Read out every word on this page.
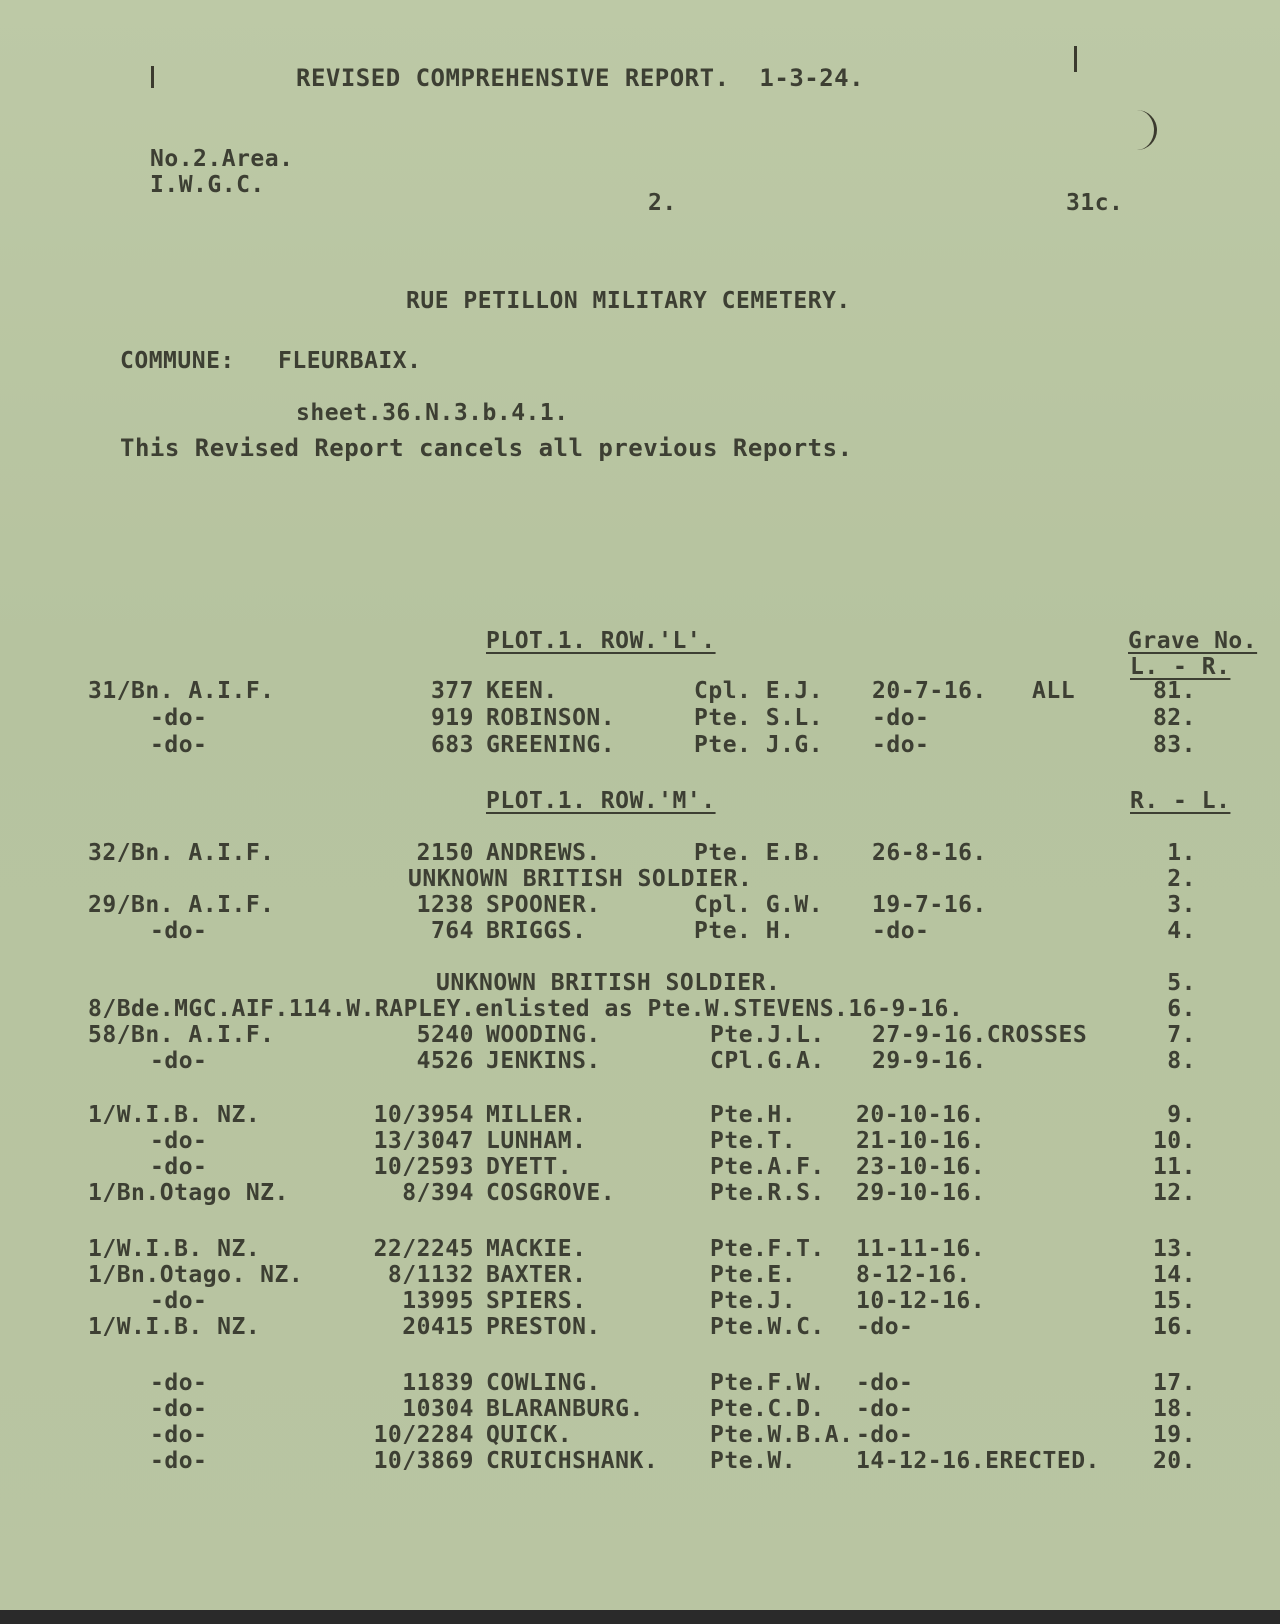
REVISED COMPREHENSIVE REPORT.  1-3-24.
No.2.Area.
I.W.G.C.
2.	31c.
RUE PETILLON MILITARY CEMETERY.
COMMUNE: FLEURBAIX.
sheet.36.N.3.b.4.1.
This Revised Report cancels all previous Reports.
PLOT.1. ROW.'L'.	Grave No.
L. - R.
PLOT.1. ROW.'M'.	R. - L.
31/Bn. A.I.F.	377 KEEN.	Cpl. E.J. 20-7-16. ALL	81.
-do-	919 ROBINSON.	Pte. S.L. -do-	82.
-do-	683 GREENING.	Pte. J.G. -do-	83.
32/Bn. A.I.F.	2150 ANDREWS.	Pte. E.B. 26-8-16.	1.
UNKNOWN BRITISH SOLDIER.	2.
29/Bn. A.I.F.	1238 SPOONER.	Cpl. G.W. 19-7-16.	3.
-do-	764 BRIGGS.	Pte. H.	-do-	4.
UNKNOWN BRITISH SOLDIER.	5.
8/Bde.MGC.AIF.114.W.RAPLEY.enlisted as Pte.W.STEVENS.16-9-16.	6.
58/Bn. A.I.F.	5240 WOODING.	Pte.J.L. 27-9-16.CROSSES	7.
-do-	4526 JENKINS.	CPl.G.A. 29-9-16.	8.
1/W.I.B. NZ.	10/3954 MILLER.	Pte.H.	20-10-16.	9.
-do-	13/3047 LUNHAM.	Pte.T.	21-10-16.	10.
-do-	10/2593 DYETT.	Pte.A.F. 23-10-16.	11.
1/Bn.Otago NZ.	8/394 COSGROVE.	Pte.R.S. 29-10-16.	12.
1/W.I.B. NZ.	22/2245 MACKIE.	Pte.F.T. 11-11-16.	13.
1/Bn.Otago. NZ.	8/1132 BAXTER.	Pte.E.	8-12-16.	14.
-do-	13995 SPIERS.	Pte.J.	10-12-16.	15.
1/W.I.B. NZ.	20415 PRESTON.	Pte.W.C. -do-	16.
-do-	11839 COWLING.	Pte.F.W. -do-	17.
-do-	10304 BLARANBURG.	Pte.C.D. -do-	18.
-do-	10/2284 QUICK.	Pte.W.B.A. -do-	19.
-do-	10/3869 CRUICHSHANK. Pte.W.	14-12-16.ERECTED. 20.
